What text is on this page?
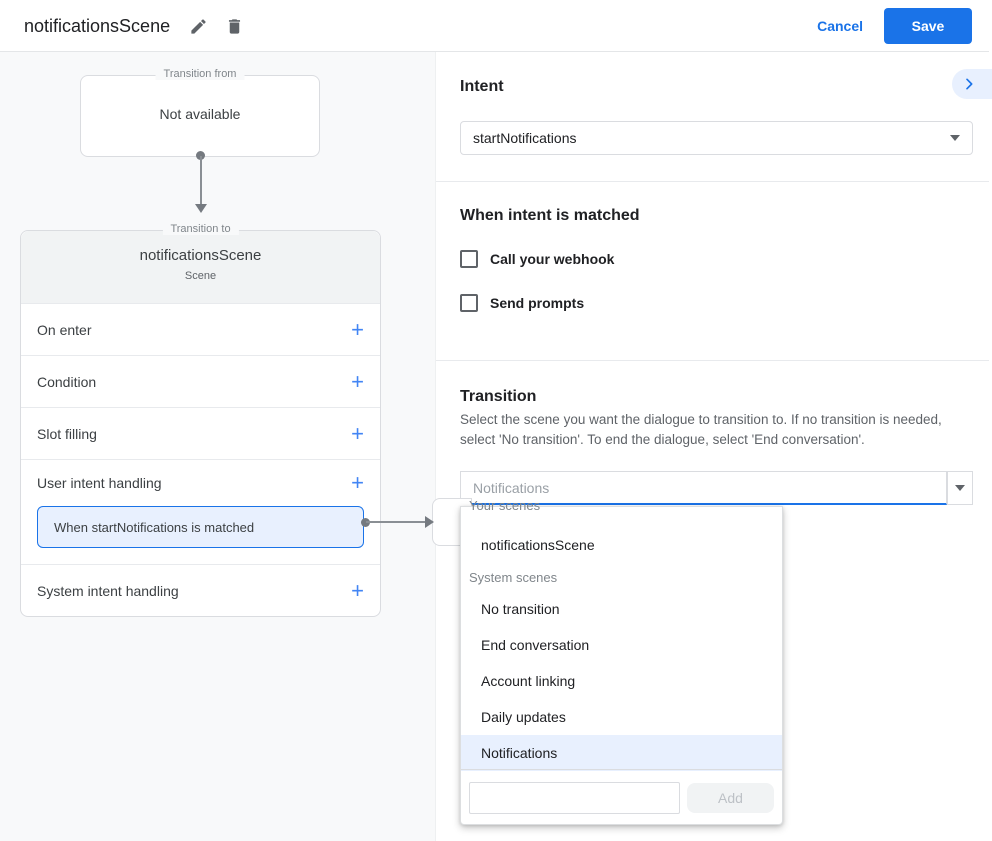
notificationsScene	Cancel	Save
Transition from
Not available
Transition to
notificationsScene
Scene
On enter	+
Condition	+
Slot filling	+
User intent handling	+
When startNotifications is matched
System intent handling	+
Intent
startNotifications
When intent is matched
Call your webhook
Send prompts
Transition

Select the scene you want the dialogue to transition to. If no transition is needed, select 'No transition'. To end the dialogue, select 'End conversation'.

Notifications
Your scenes
notificationsScene
System scenes
No transition
End conversation
Account linking
Daily updates
Notifications
Add
